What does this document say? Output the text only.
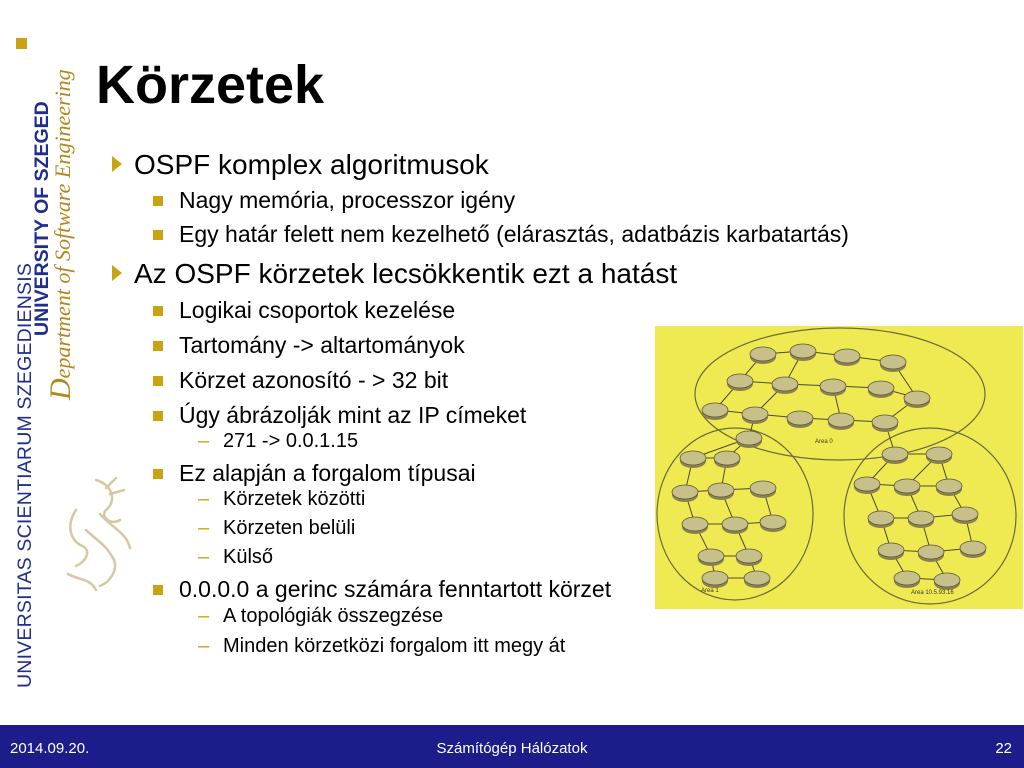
UNIVERSITAS SCIENTIARUM SZEGEDIENSIS
UNIVERSITY OF SZEGED
Department of Software Engineering Körzetek
OSPF komplex algoritmusok
Nagy memória, processzor igény
Egy határ felett nem kezelhető (elárasztás, adatbázis karbatartás)
Az OSPF körzetek lecsökkentik ezt a hatást
Logikai csoportok kezelése
Tartomány -> altartományok
Körzet azonosító - > 32 bit
Úgy ábrázolják mint az IP címeket
– 271 -> 0.0.1.15
Ez alapján a forgalom típusai
– Körzetek közötti
– Körzeten belüli
– Külső
0.0.0.0 a gerinc számára fenntartott körzet
– A topológiák összegzése
– Minden körzetközi forgalom itt megy át
Area 0
Area 1	Area 10.5.93.16
2014.09.20.	Számítógép Hálózatok	22
